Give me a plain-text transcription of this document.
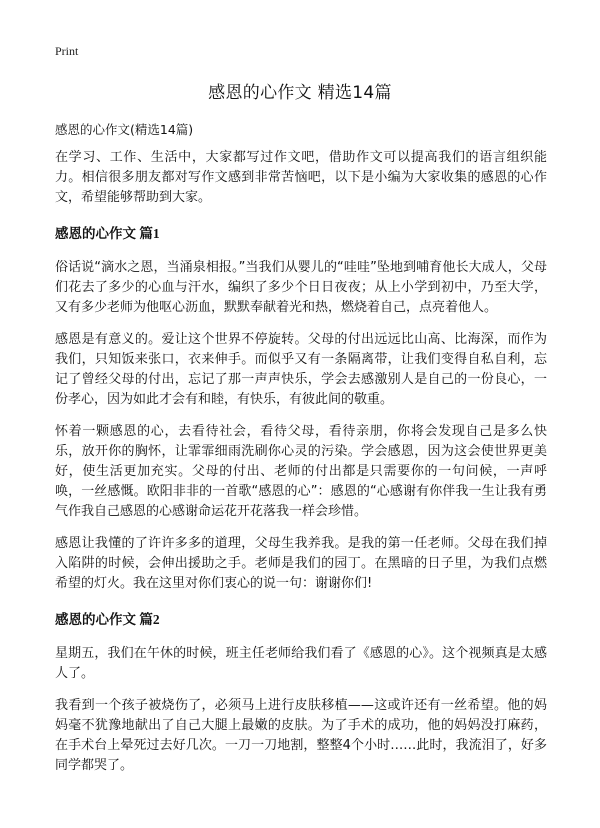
Print
感恩的心作文 精选14篇

感恩的心作文(精选14篇)

在学习、工作、生活中，大家都写过作文吧，借助作文可以提高我们的语言组织能力。相信很多朋友都对写作文感到非常苦恼吧，以下是小编为大家收集的感恩的心作文，希望能够帮助到大家。

感恩的心作文 篇1

俗话说“滴水之恩，当涌泉相报。”当我们从婴儿的“哇哇”坠地到哺育他长大成人，父母们花去了多少的心血与汗水，编织了多少个日日夜夜；从上小学到初中，乃至大学，又有多少老师为他呕心沥血，默默奉献着光和热，燃烧着自己，点亮着他人。

感恩是有意义的。爱让这个世界不停旋转。父母的付出远远比山高、比海深，而作为我们，只知饭来张口，衣来伸手。而似乎又有一条隔离带，让我们变得自私自利，忘记了曾经父母的付出，忘记了那一声声快乐，学会去感激别人是自己的一份良心，一份孝心，因为如此才会有和睦，有快乐，有彼此间的敬重。

怀着一颗感恩的心，去看待社会，看待父母，看待亲朋，你将会发现自己是多么快乐，放开你的胸怀，让霏霏细雨洗刷你心灵的污染。学会感恩，因为这会使世界更美好，使生活更加充实。父母的付出、老师的付出都是只需要你的一句问候，一声呼唤，一丝感慨。欧阳非非的一首歌“感恩的心”：感恩的“心感谢有你伴我一生让我有勇气作我自己感恩的心感谢命运花开花落我一样会珍惜。

感恩让我懂的了许许多多的道理，父母生我养我。是我的第一任老师。父母在我们掉入陷阱的时候，会伸出援助之手。老师是我们的园丁。在黑暗的日子里，为我们点燃希望的灯火。我在这里对你们衷心的说一句：谢谢你们!

感恩的心作文 篇2

星期五，我们在午休的时候，班主任老师给我们看了《感恩的心》。这个视频真是太感人了。

我看到一个孩子被烧伤了，必须马上进行皮肤移植——这或许还有一丝希望。他的妈妈毫不犹豫地献出了自己大腿上最嫩的皮肤。为了手术的成功，他的妈妈没打麻药，在手术台上晕死过去好几次。一刀一刀地割，整整4个小时……此时，我流泪了，好多同学都哭了。
